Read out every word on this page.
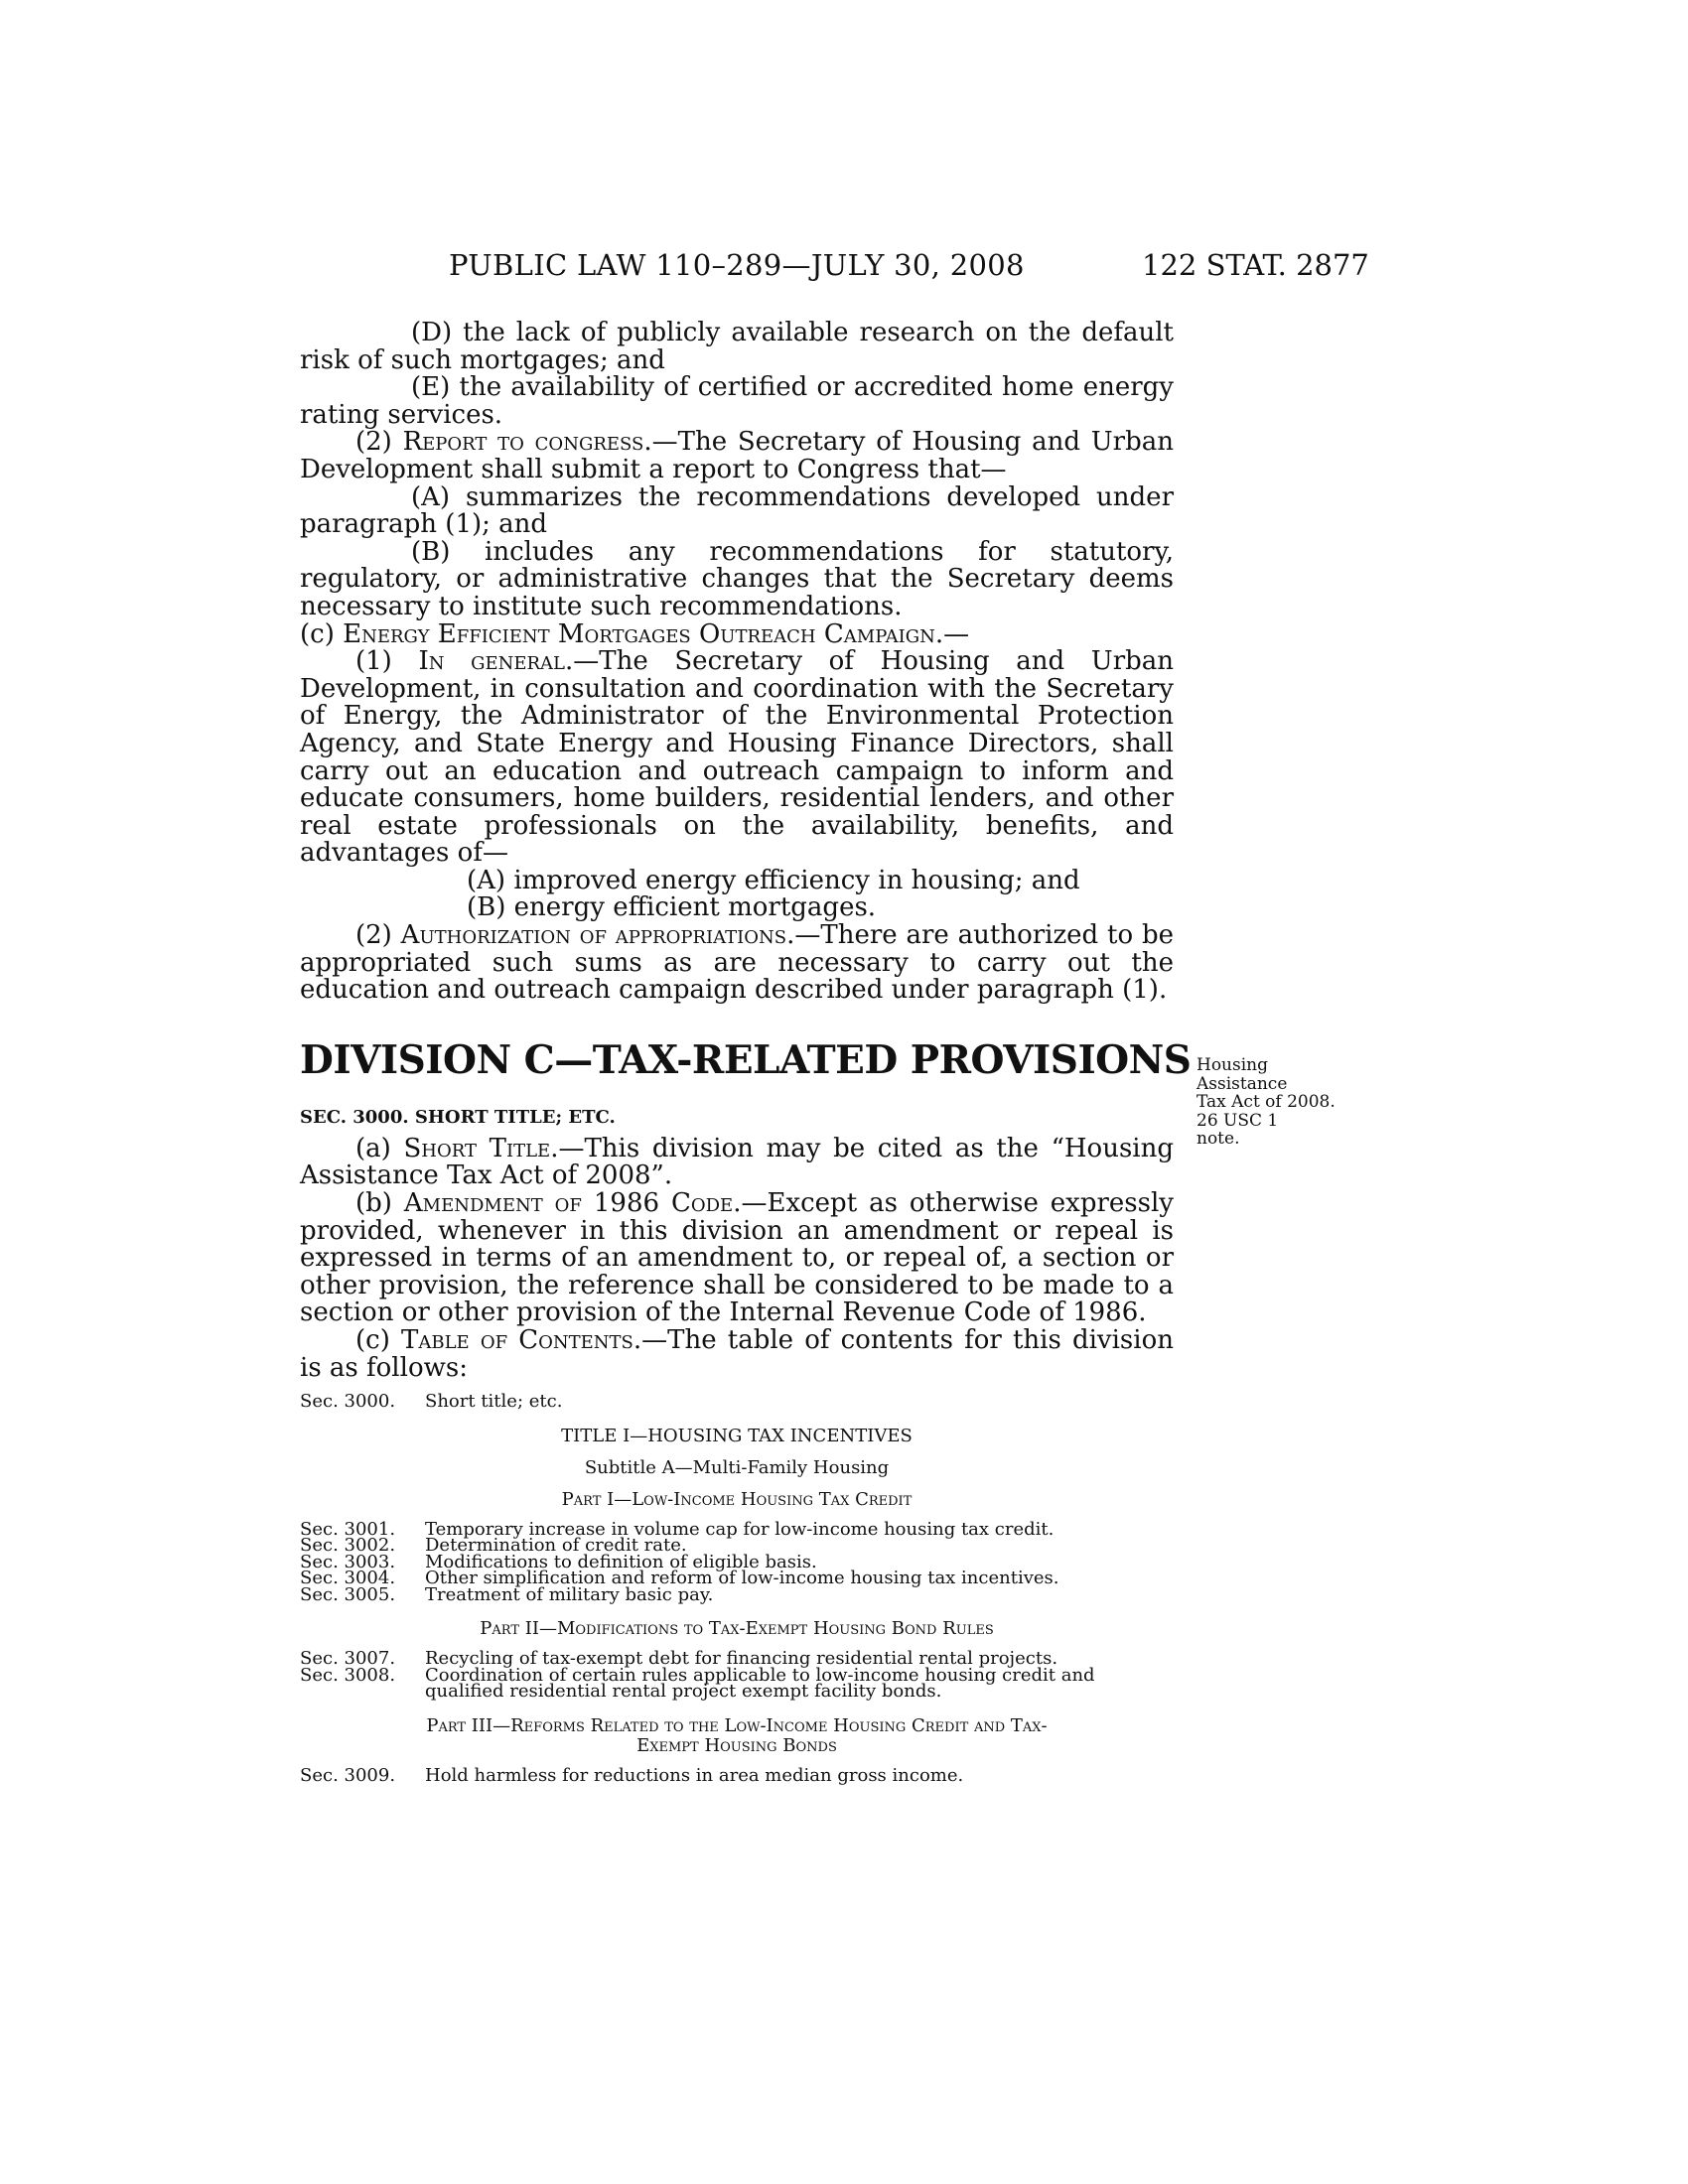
PUBLIC LAW 110–289—JULY 30, 2008	122 STAT. 2877

(D) the lack of publicly available research on the default risk of such mortgages; and

(E) the availability of certified or accredited home energy rating services.

(2) Report to congress.—The Secretary of Housing and Urban Development shall submit a report to Congress that—

(A) summarizes the recommendations developed under paragraph (1); and

(B) includes any recommendations for statutory, regulatory, or administrative changes that the Secretary deems necessary to institute such recommendations.

(c) Energy Efficient Mortgages Outreach Campaign.—

(1) In general.—The Secretary of Housing and Urban Development, in consultation and coordination with the Secretary of Energy, the Administrator of the Environmental Protection Agency, and State Energy and Housing Finance Directors, shall carry out an education and outreach campaign to inform and educate consumers, home builders, residential lenders, and other real estate professionals on the availability, benefits, and advantages of—

(A) improved energy efficiency in housing; and

(B) energy efficient mortgages.

(2) Authorization of appropriations.—There are authorized to be appropriated such sums as are necessary to carry out the education and outreach campaign described under paragraph (1).

DIVISION C—TAX-RELATED PROVISIONS
SEC. 3000. SHORT TITLE; ETC.

(a) Short Title.—This division may be cited as the “Housing Assistance Tax Act of 2008”.

(b) Amendment of 1986 Code.—Except as otherwise expressly provided, whenever in this division an amendment or repeal is expressed in terms of an amendment to, or repeal of, a section or other provision, the reference shall be considered to be made to a section or other provision of the Internal Revenue Code of 1986.

(c) Table of Contents.—The table of contents for this division is as follows:

Sec. 3000.	Short title; etc.

TITLE I—HOUSING TAX INCENTIVES

Subtitle A—Multi-Family Housing

Part I—Low-Income Housing Tax Credit

Sec. 3001.	Temporary increase in volume cap for low-income housing tax credit.
Sec. 3002.	Determination of credit rate.
Sec. 3003.	Modifications to definition of eligible basis.
Sec. 3004.	Other simplification and reform of low-income housing tax incentives.
Sec. 3005.	Treatment of military basic pay.

Part II—Modifications to Tax-Exempt Housing Bond Rules

Sec. 3007.	Recycling of tax-exempt debt for financing residential rental projects.
Sec. 3008.	Coordination of certain rules applicable to low-income housing credit and qualified residential rental project exempt facility bonds.

Part III—Reforms Related to the Low-Income Housing Credit and Tax-

Exempt Housing Bonds

Sec. 3009.	Hold harmless for reductions in area median gross income.
Housing
Assistance
Tax Act of 2008.
26 USC 1
note.
